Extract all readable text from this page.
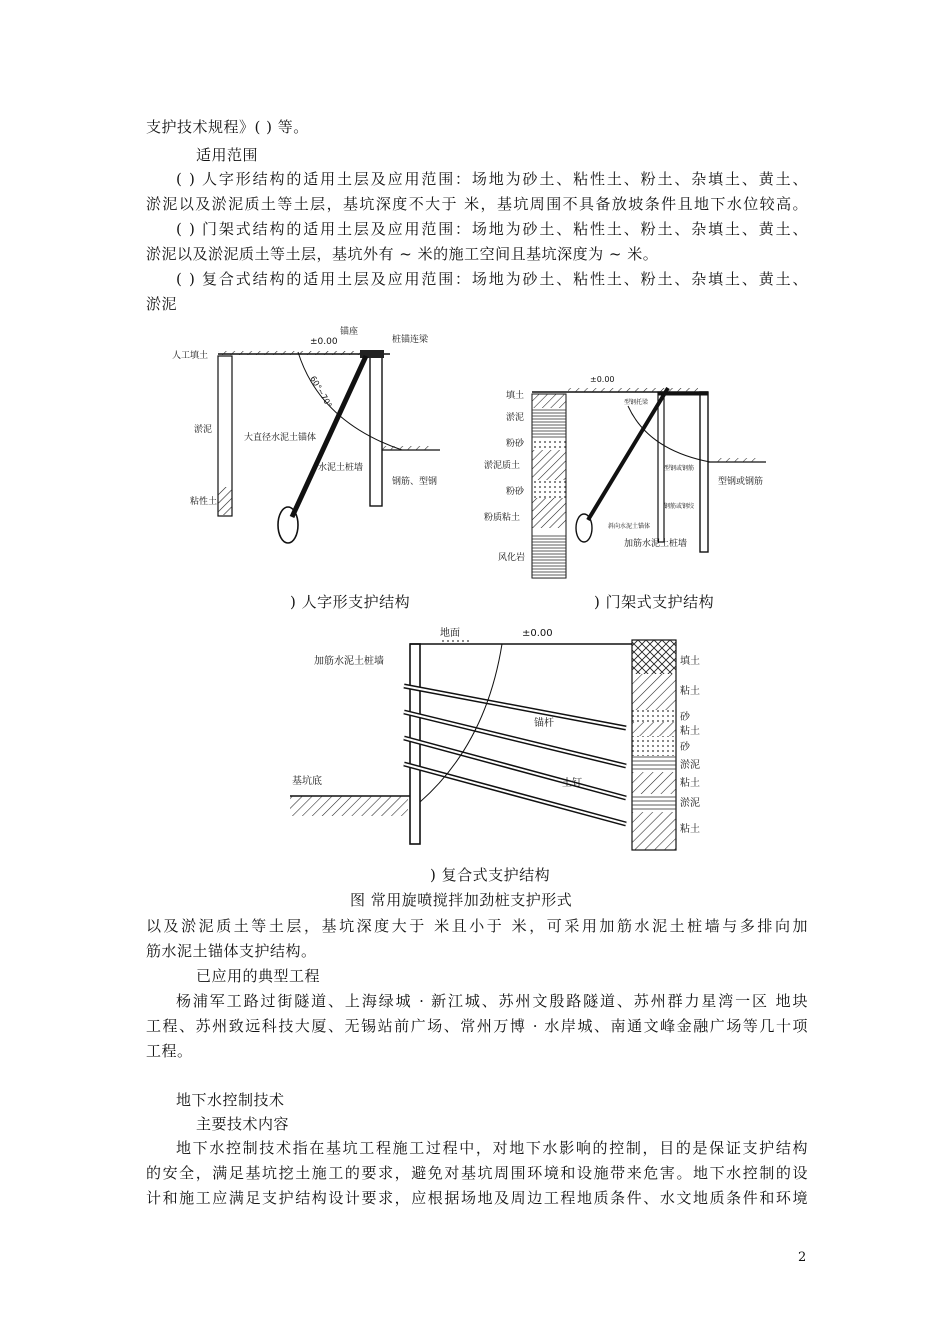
支护技术规程》( ) 等。
适用范围
( ) 人字形结构的适用土层及应用范围：场地为砂土、粘性土、粉土、杂填土、黄土、
淤泥以及淤泥质土等土层，基坑深度不大于 米，基坑周围不具备放坡条件且地下水位较高。
( ) 门架式结构的适用土层及应用范围：场地为砂土、粘性土、粉土、杂填土、黄土、
淤泥以及淤泥质土等土层，基坑外有 ~ 米的施工空间且基坑深度为 ~ 米。
( ) 复合式结构的适用土层及应用范围：场地为砂土、粘性土、粉土、杂填土、黄土、
淤泥
±0.00
人工填土
淤泥
粘性土
锚座
桩锚连梁
大直径水泥土锚体
水泥土桩墙
钢筋、型钢
60°~70°	±0.00
填土
淤泥
粉砂
淤泥质土
粉砂
粉质粘土
风化岩
型钢或钢筋
加筋水泥土桩墙
斜向水泥土锚体
钢筋或钢绞
型钢托梁
型钢或钢筋
) 人字形支护结构	) 门架式支护结构
±0.00
地面
加筋水泥土桩墙
锚杆
土钉
基坑底
填土
粘土
砂
粘土
砂
淤泥
粘土
淤泥
粘土
) 复合式支护结构
图 常用旋喷搅拌加劲桩支护形式
以及淤泥质土等土层，基坑深度大于 米且小于 米，可采用加筋水泥土桩墙与多排向加
筋水泥土锚体支护结构。
已应用的典型工程
杨浦军工路过街隧道、上海绿城 · 新江城、苏州文殷路隧道、苏州群力星湾一区 地块
工程、苏州致远科技大厦、无锡站前广场、常州万博 · 水岸城、南通文峰金融广场等几十项
工程。
地下水控制技术
主要技术内容
地下水控制技术指在基坑工程施工过程中，对地下水影响的控制，目的是保证支护结构
的安全，满足基坑挖土施工的要求，避免对基坑周围环境和设施带来危害。地下水控制的设
计和施工应满足支护结构设计要求，应根据场地及周边工程地质条件、水文地质条件和环境
2
